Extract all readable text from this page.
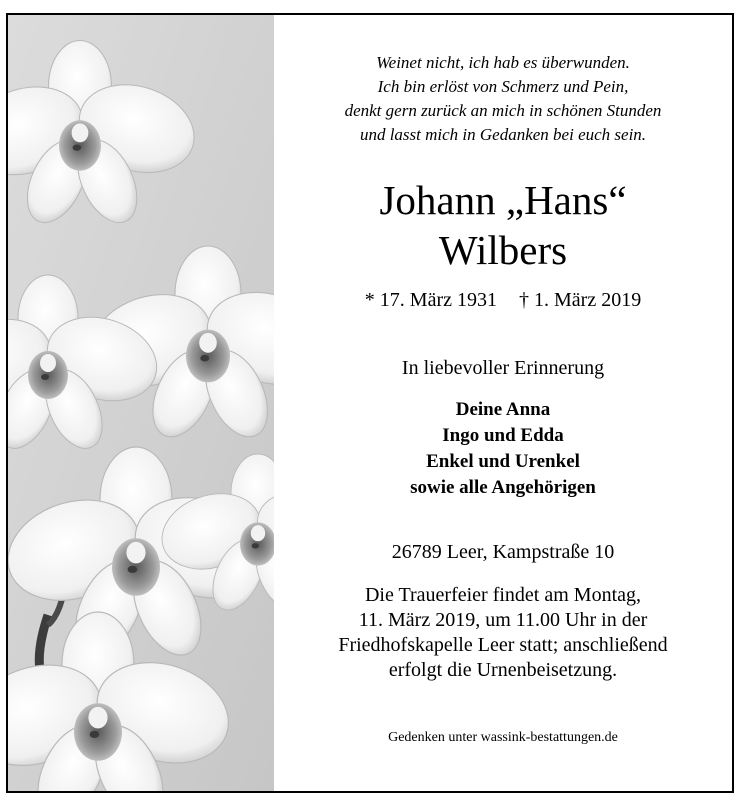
Weinet nicht, ich hab es überwunden.
Ich bin erlöst von Schmerz und Pein,
denkt gern zurück an mich in schönen Stunden
und lasst mich in Gedanken bei euch sein.
Johann „Hans“
Wilbers
* 17. März 1931 † 1. März 2019
In liebevoller Erinnerung
Deine Anna
Ingo und Edda
Enkel und Urenkel
sowie alle Angehörigen
26789 Leer, Kampstraße 10
Die Trauerfeier findet am Montag,
11. März 2019, um 11.00 Uhr in der
Friedhofskapelle Leer statt; anschließend
erfolgt die Urnenbeisetzung.
Gedenken unter wassink-bestattungen.de
